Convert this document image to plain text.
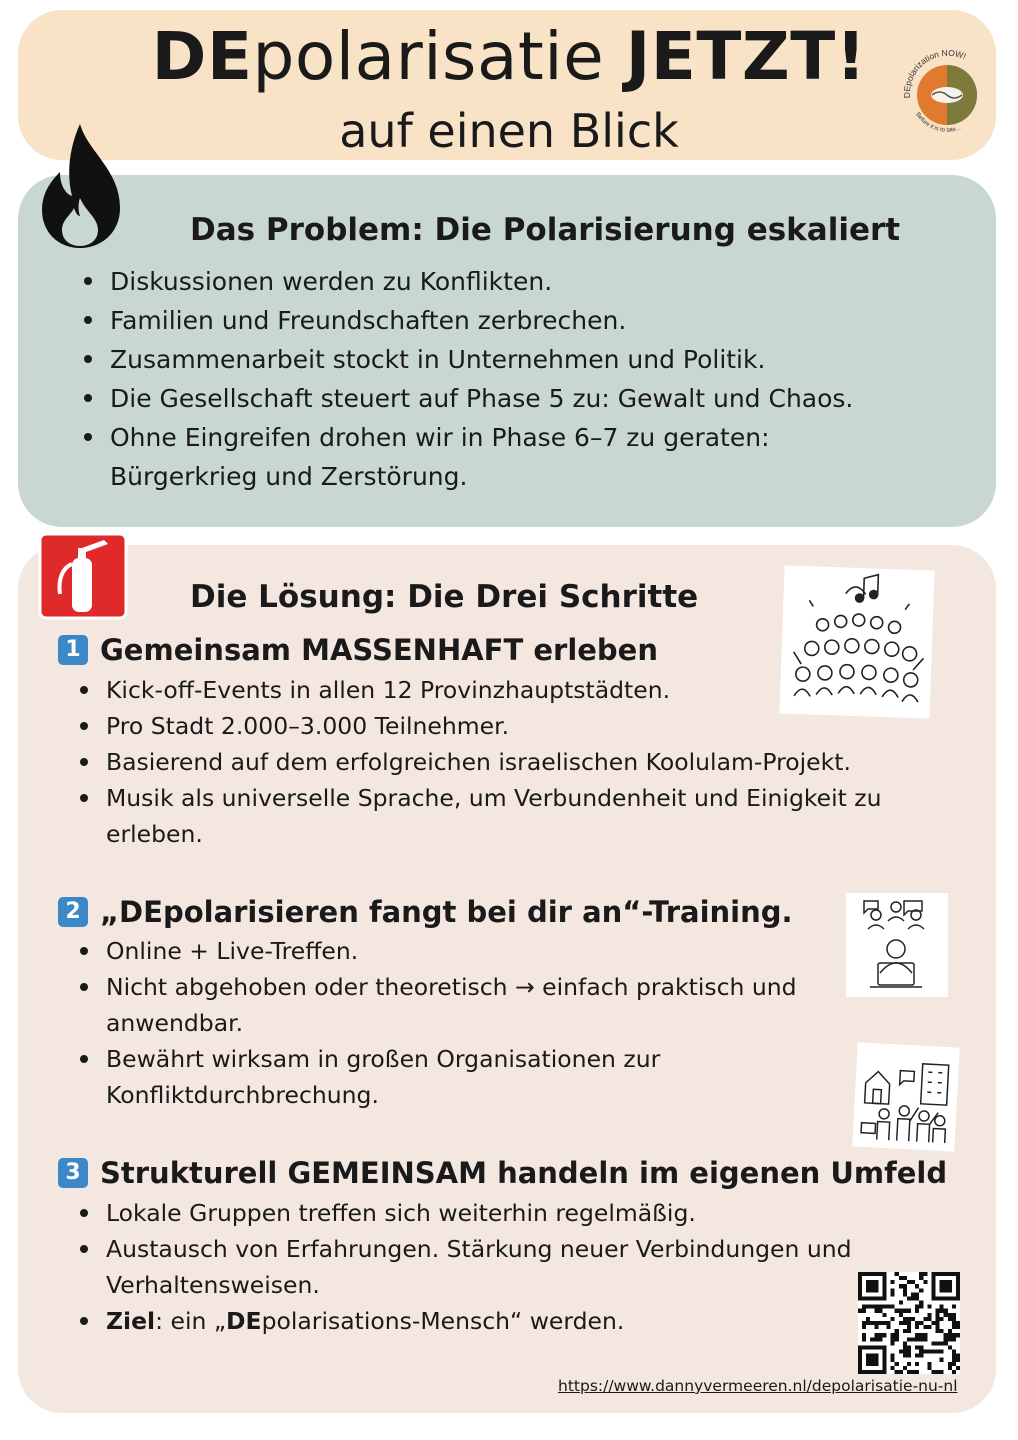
DEpolarisatie JETZT!
auf einen Blick
DEpolarization NOW!
Before it is to late...
Das Problem: Die Polarisierung eskaliert
Diskussionen werden zu Konflikten.
Familien und Freundschaften zerbrechen.
Zusammenarbeit stockt in Unternehmen und Politik.
Die Gesellschaft steuert auf Phase 5 zu: Gewalt und Chaos.
Ohne Eingreifen drohen wir in Phase 6–7 zu geraten:
Bürgerkrieg und Zerstörung.
Die Lösung: Die Drei Schritte
1 Gemeinsam MASSENHAFT erleben
Kick-off-Events in allen 12 Provinzhauptstädten.
Pro Stadt 2.000–3.000 Teilnehmer.
Basierend auf dem erfolgreichen israelischen Koolulam-Projekt.
Musik als universelle Sprache, um Verbundenheit und Einigkeit zu
erleben.
2 „DEpolarisieren fangt bei dir an“-Training.
Online + Live-Treffen.
Nicht abgehoben oder theoretisch → einfach praktisch und
anwendbar.
Bewährt wirksam in großen Organisationen zur
Konfliktdurchbrechung.
3 Strukturell GEMEINSAM handeln im eigenen Umfeld
Lokale Gruppen treffen sich weiterhin regelmäßig.
Austausch von Erfahrungen. Stärkung neuer Verbindungen und
Verhaltensweisen.
Ziel: ein „DEpolarisations-Mensch“ werden.
https://www.dannyvermeeren.nl/depolarisatie-nu-nl
